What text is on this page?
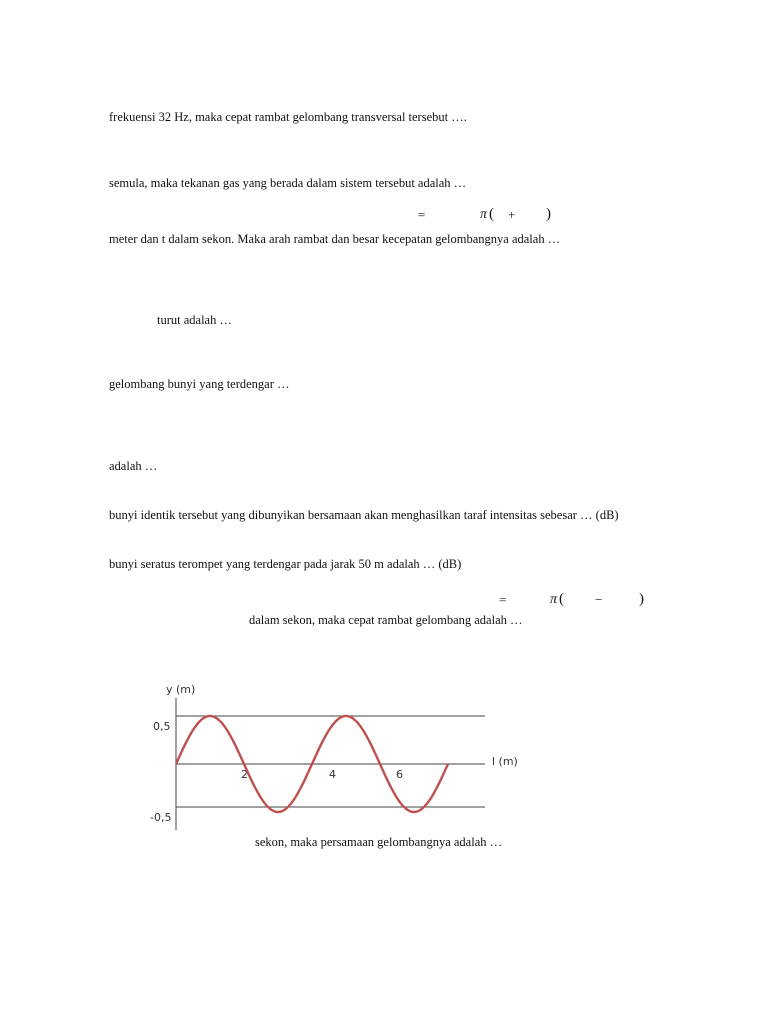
frekuensi 32 Hz, maka cepat rambat gelombang transversal tersebut ….
semula, maka tekanan gas yang berada dalam sistem tersebut adalah …
=	π ( + )
meter dan t dalam sekon. Maka arah rambat dan besar kecepatan gelombangnya adalah …
turut adalah …
gelombang bunyi yang terdengar …
adalah …
bunyi identik tersebut yang dibunyikan bersamaan akan menghasilkan taraf intensitas sebesar … (dB)
bunyi seratus terompet yang terdengar pada jarak 50 m adalah … (dB)
=	π ( − )
dalam sekon, maka cepat rambat gelombang adalah …
y (m)
l (m)
0,5
-0,5
2	4	6
sekon, maka persamaan gelombangnya adalah …
